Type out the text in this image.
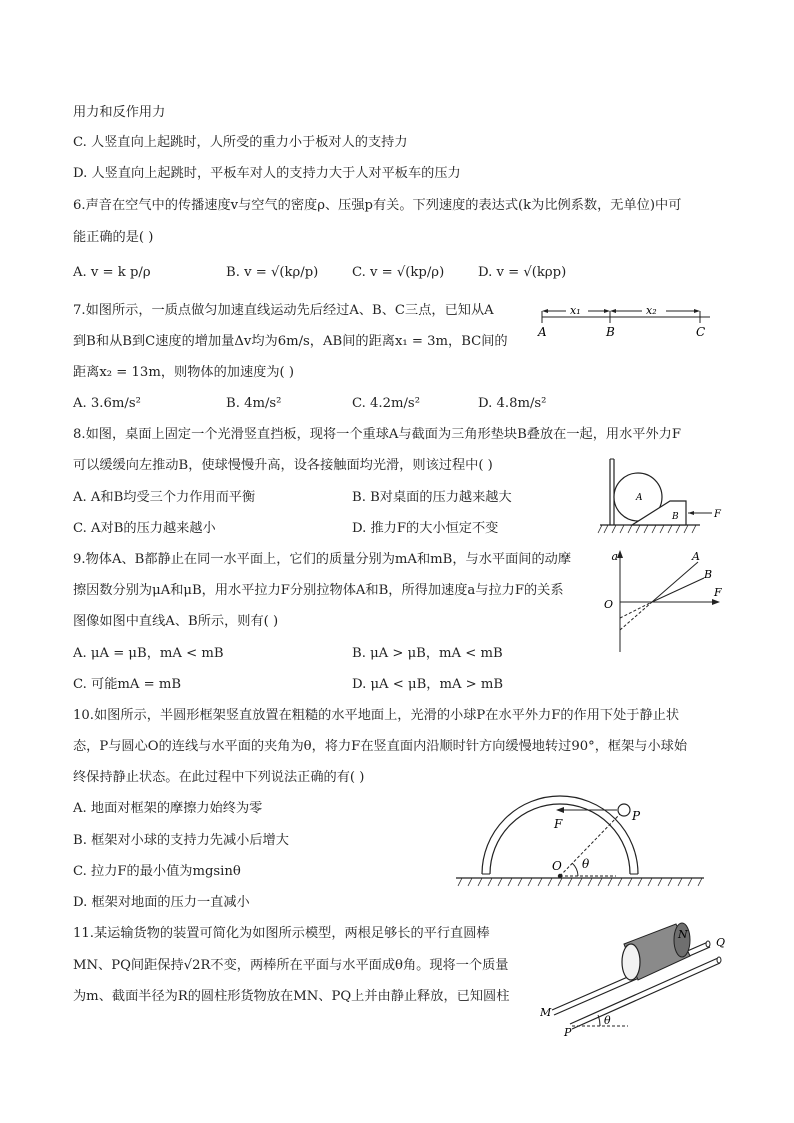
用力和反作用力
C. 人竖直向上起跳时，人所受的重力小于板对人的支持力
D. 人竖直向上起跳时，平板车对人的支持力大于人对平板车的压力
6.声音在空气中的传播速度v与空气的密度ρ、压强p有关。下列速度的表达式(k为比例系数，无单位)中可
能正确的是( )
A. v = k p/ρ	B. v = √(kρ/p)	C. v = √(kp/ρ)	D. v = √(kρp)
7.如图所示，一质点做匀加速直线运动先后经过A、B、C三点，已知从A
到B和从B到C速度的增加量Δv均为6m/s，AB间的距离x₁ = 3m，BC间的
距离x₂ = 13m，则物体的加速度为( )
A. 3.6m/s²	B. 4m/s²	C. 4.2m/s²	D. 4.8m/s²
8.如图，桌面上固定一个光滑竖直挡板，现将一个重球A与截面为三角形垫块B叠放在一起，用水平外力F
可以缓缓向左推动B，使球慢慢升高，设各接触面均光滑，则该过程中( )
A. A和B均受三个力作用而平衡	B. B对桌面的压力越来越大
C. A对B的压力越来越小	D. 推力F的大小恒定不变
9.物体A、B都静止在同一水平面上，它们的质量分别为mA和mB，与水平面间的动摩
擦因数分别为μA和μB，用水平拉力F分别拉物体A和B，所得加速度a与拉力F的关系
图像如图中直线A、B所示，则有( )
A. μA = μB，mA < mB	B. μA > μB，mA < mB
C. 可能mA = mB	D. μA < μB，mA > mB
10.如图所示，半圆形框架竖直放置在粗糙的水平地面上，光滑的小球P在水平外力F的作用下处于静止状
态，P与圆心O的连线与水平面的夹角为θ，将力F在竖直面内沿顺时针方向缓慢地转过90°，框架与小球始
终保持静止状态。在此过程中下列说法正确的有( )
A. 地面对框架的摩擦力始终为零
B. 框架对小球的支持力先减小后增大
C. 拉力F的最小值为mgsinθ
D. 框架对地面的压力一直减小
11.某运输货物的装置可简化为如图所示模型，两根足够长的平行直圆棒
MN、PQ间距保持√2R不变，两棒所在平面与水平面成θ角。现将一个质量
为m、截面半径为R的圆柱形货物放在MN、PQ上并由静止释放，已知圆柱
x₁	x₂
A	B	C
A
B	F
a	A
B
O
F
F
P
O θ
N
Q
M
P
θ
